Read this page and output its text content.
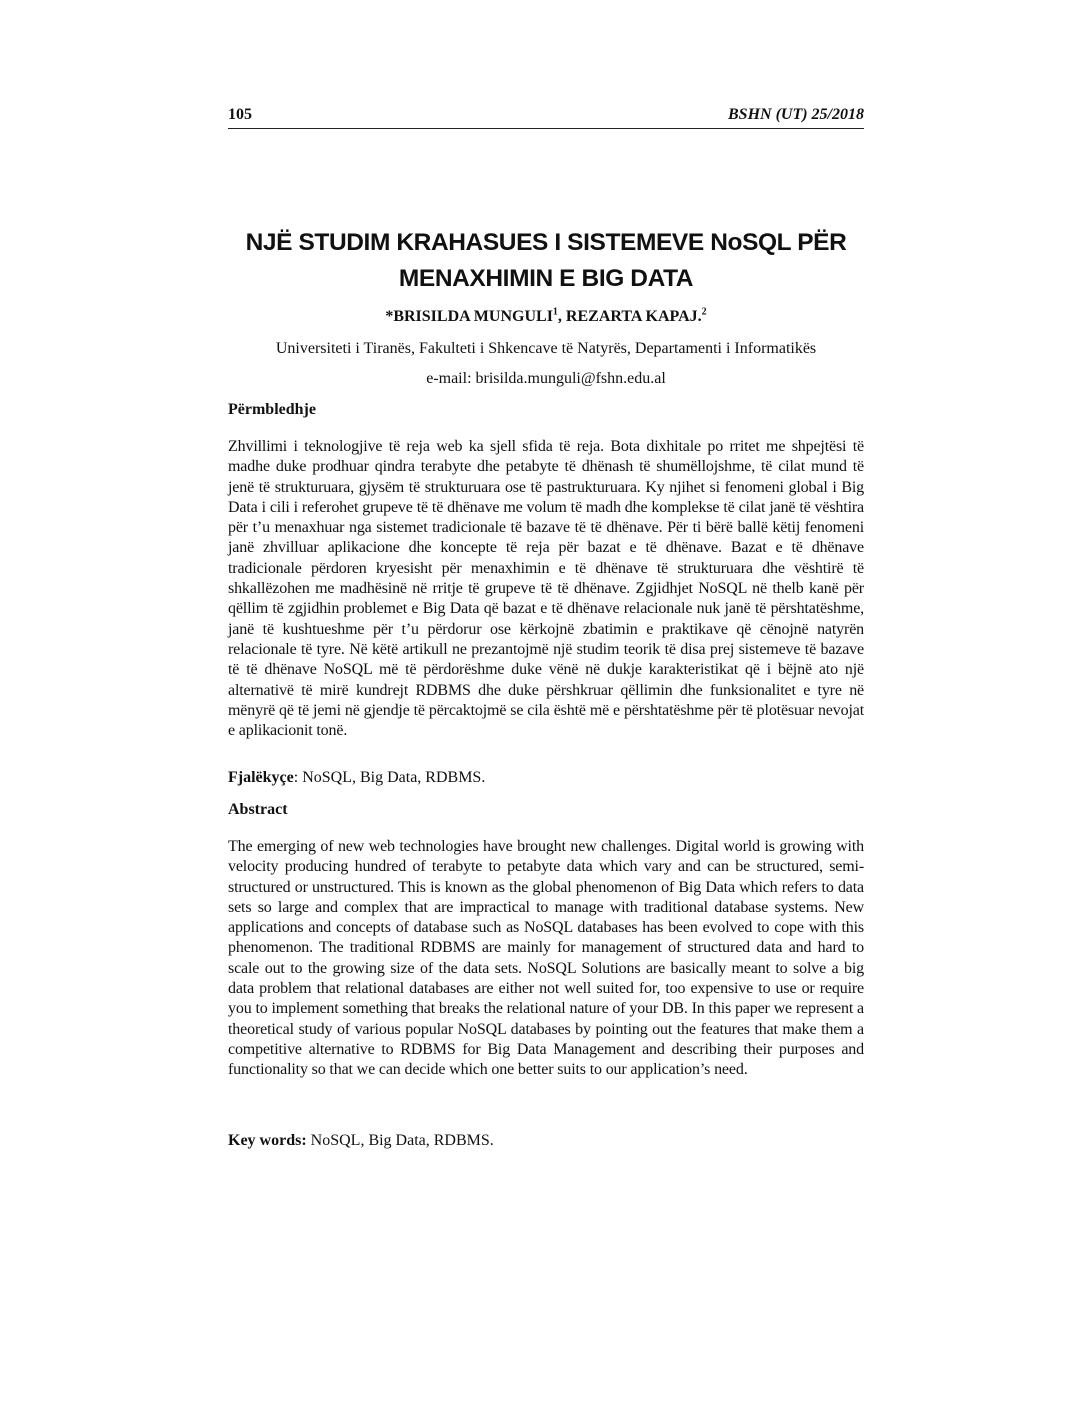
105	BSHN (UT) 25/2018
NJË STUDIM KRAHASUES I SISTEMEVE NoSQL PËR
MENAXHIMIN E BIG DATA
*BRISILDA MUNGULI$^1$, REZARTA KAPAJ.$^2$
Universiteti i Tiranës, Fakulteti i Shkencave të Natyrës, Departamenti i Informatikës
e-mail: brisilda.munguli@fshn.edu.al
Përmbledhje

Zhvillimi i teknologjive të reja web ka sjell sfida të reja. Bota dixhitale po rritet me shpejtësi të madhe duke prodhuar qindra terabyte dhe petabyte të dhënash të shumëllojshme, të cilat mund të jenë të strukturuara, gjysëm të strukturuara ose të pastrukturuara. Ky njihet si fenomeni global i Big Data i cili i referohet grupeve të të dhënave me volum të madh dhe komplekse të cilat janë të vështira për t’u menaxhuar nga sistemet tradicionale të bazave të të dhënave. Për ti bërë ballë këtij fenomeni janë zhvilluar aplikacione dhe koncepte të reja për bazat e të dhënave. Bazat e të dhënave tradicionale përdoren kryesisht për menaxhimin e të dhënave të strukturuara dhe vështirë të shkallëzohen me madhësinë në rritje të grupeve të të dhënave. Zgjidhjet NoSQL në thelb kanë për qëllim të zgjidhin problemet e Big Data që bazat e të dhënave relacionale nuk janë të përshtatëshme, janë të kushtueshme për t’u përdorur ose kërkojnë zbatimin e praktikave që cënojnë natyrën relacionale të tyre. Në këtë artikull ne prezantojmë një studim teorik të disa prej sistemeve të bazave të të dhënave NoSQL më të përdorëshme duke vënë në dukje karakteristikat që i bëjnë ato një alternativë të mirë kundrejt RDBMS dhe duke përshkruar qëllimin dhe funksionalitet e tyre në mënyrë që të jemi në gjendje të përcaktojmë se cila është më e përshtatëshme për të plotësuar nevojat e aplikacionit tonë.

Fjalëkyçe: NoSQL, Big Data, RDBMS.

Abstract

The emerging of new web technologies have brought new challenges. Digital world is growing with velocity producing hundred of terabyte to petabyte data which vary and can be structured, semi- structured or unstructured. This is known as the global phenomenon of Big Data which refers to data sets so large and complex that are impractical to manage with traditional database systems. New applications and concepts of database such as NoSQL databases has been evolved to cope with this phenomenon. The traditional RDBMS are mainly for management of structured data and hard to scale out to the growing size of the data sets. NoSQL Solutions are basically meant to solve a big data problem that relational databases are either not well suited for, too expensive to use or require you to implement something that breaks the relational nature of your DB. In this paper we represent a theoretical study of various popular NoSQL databases by pointing out the features that make them a competitive alternative to RDBMS for Big Data Management and describing their purposes and functionality so that we can decide which one better suits to our application’s need.

Key words: NoSQL, Big Data, RDBMS.
